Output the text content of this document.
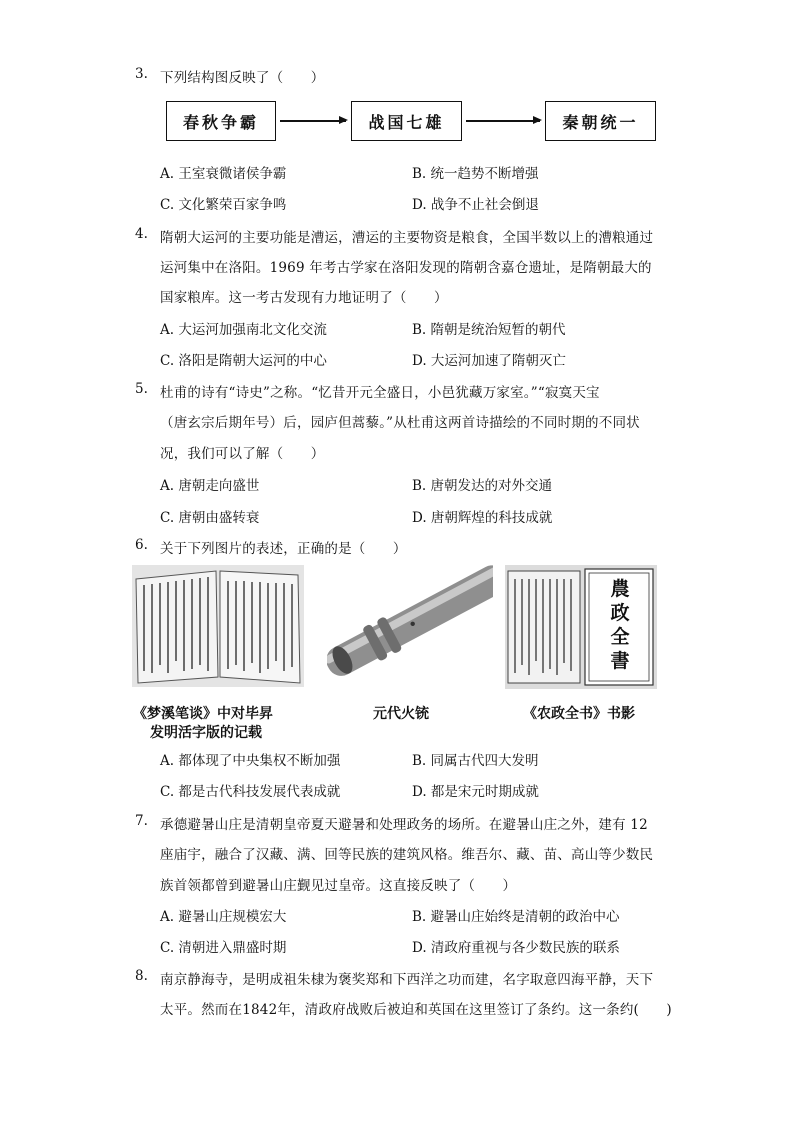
3. 下列结构图反映了（　　）
春秋争霸	战国七雄	秦朝统一
A. 王室衰微诸侯争霸	B. 统一趋势不断增强
C. 文化繁荣百家争鸣	D. 战争不止社会倒退
4. 隋朝大运河的主要功能是漕运，漕运的主要物资是粮食，全国半数以上的漕粮通过
运河集中在洛阳。1969 年考古学家在洛阳发现的隋朝含嘉仓遗址，是隋朝最大的
国家粮库。这一考古发现有力地证明了（　　）
A. 大运河加强南北文化交流	B. 隋朝是统治短暂的朝代
C. 洛阳是隋朝大运河的中心	D. 大运河加速了隋朝灭亡
5. 杜甫的诗有“诗史”之称。“忆昔开元全盛日，小邑犹藏万家室。”“寂寞天宝
（唐玄宗后期年号）后，园庐但蒿藜。”从杜甫这两首诗描绘的不同时期的不同状
况，我们可以了解（　　）
A. 唐朝走向盛世	B. 唐朝发达的对外交通
C. 唐朝由盛转衰	D. 唐朝辉煌的科技成就
6. 关于下列图片的表述，正确的是（　　）
農 政 全 書
《梦溪笔谈》中对毕昇
发明活字版的记载
元代火铳	《农政全书》书影
A. 都体现了中央集权不断加强	B. 同属古代四大发明
C. 都是古代科技发展代表成就	D. 都是宋元时期成就
7. 承德避暑山庄是清朝皇帝夏天避暑和处理政务的场所。在避暑山庄之外，建有 12
座庙宇，融合了汉藏、满、回等民族的建筑风格。维吾尔、藏、苗、高山等少数民
族首领都曾到避暑山庄觐见过皇帝。这直接反映了（　　）
A. 避暑山庄规模宏大	B. 避暑山庄始终是清朝的政治中心
C. 清朝进入鼎盛时期	D. 清政府重视与各少数民族的联系
8. 南京静海寺，是明成祖朱棣为褒奖郑和下西洋之功而建，名字取意四海平静，天下
太平。然而在1842年，清政府战败后被迫和英国在这里签订了条约。这一条约(　　)
